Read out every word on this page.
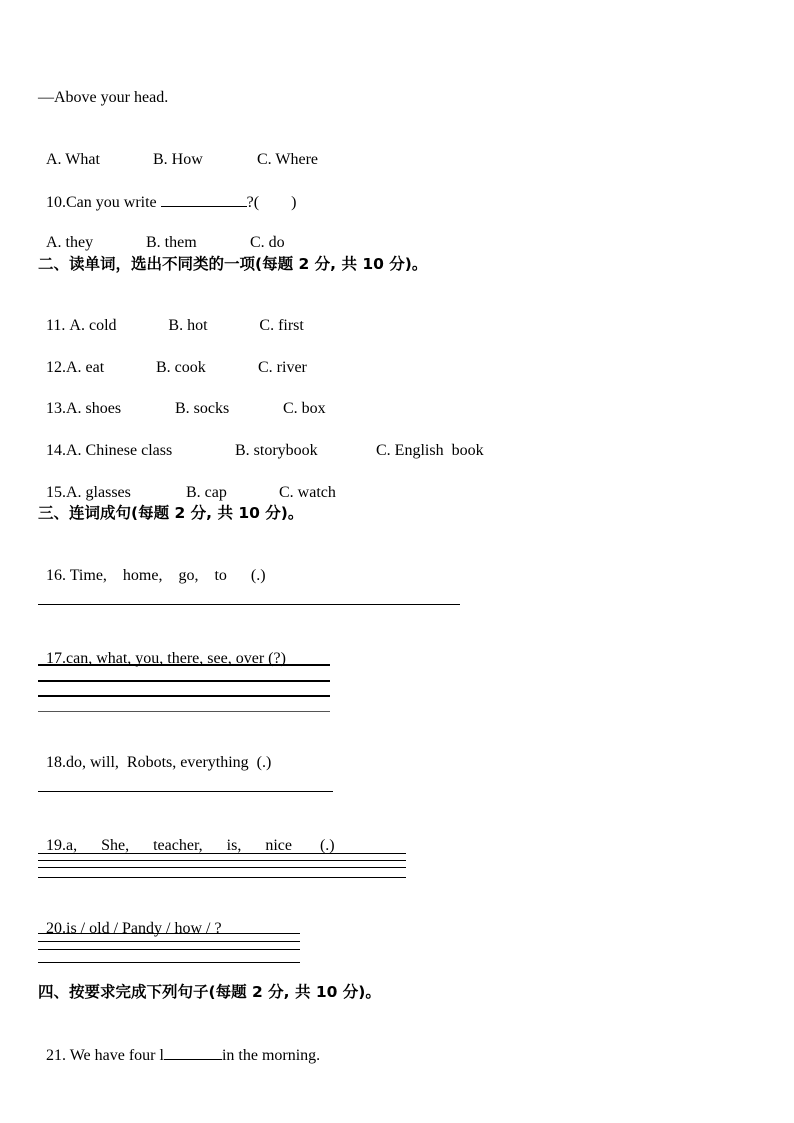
—Above your head.

A. What	B. How	C. Where

10.Can you write	?(        )

A. they	B. them	C. do

二、读单词，选出不同类的一项(每题 2 分, 共 10 分)。

11. A. cold	B. hot	C. first

12.A. eat	B. cook	C. river

13.A. shoes	B. socks	C. box

14.A. Chinese class	B. storybook	C. English  book

15.A. glasses	B. cap	C. watch

三、连词成句(每题 2 分, 共 10 分)。

16. Time,    home,    go,    to      (.)

17.can, what, you, there, see, over (?)

18.do, will,  Robots, everything  (.)

19.a,      She,      teacher,      is,      nice       (.)

20.is / old / Pandy / how / ?

四、按要求完成下列句子(每题 2 分, 共 10 分)。

21. We have four l	in the morning.
